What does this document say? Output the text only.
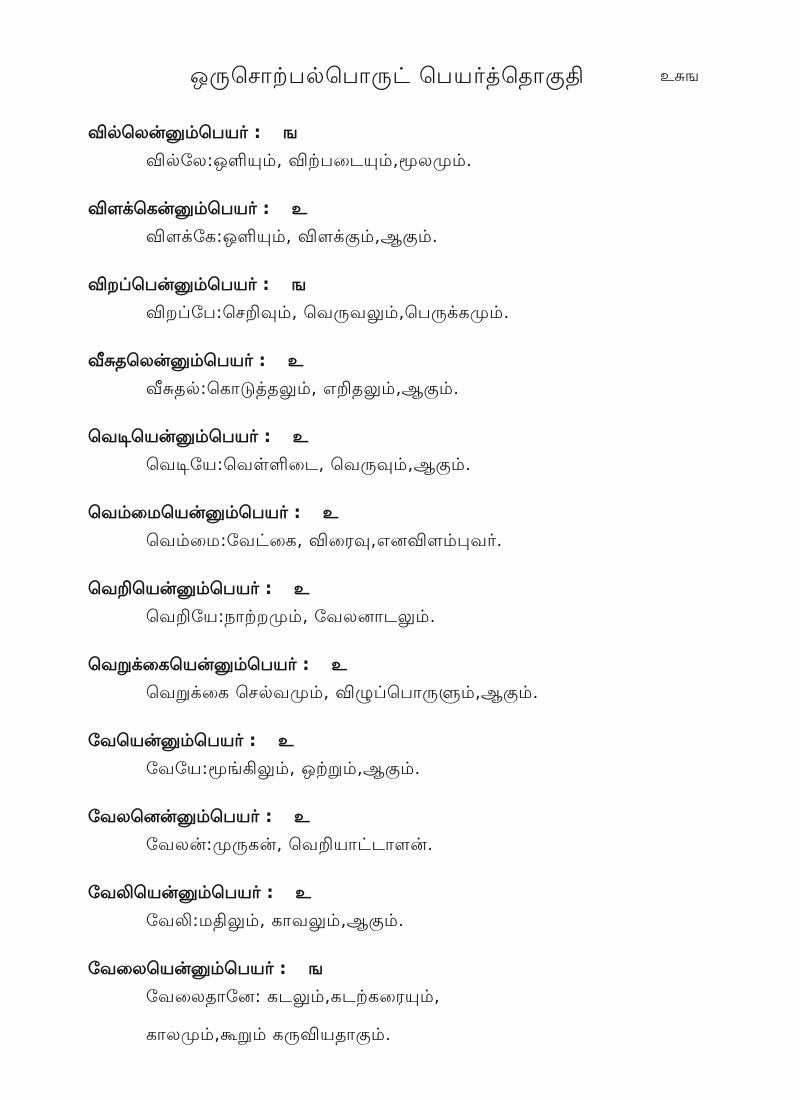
ஒருசொற்பல்பொருட் பெயர்த்தொகுதி	உசுங
வில்லென்னும்பெயர் : ங
வில்லே:ஒளியும், விற்படையும்,மூலமும்.
விளக்கென்னும்பெயர் : உ
விளக்கே:ஒளியும், விளக்கும்,ஆகும்.
விறப்பென்னும்பெயர் : ங
விறப்பே:செறிவும், வெருவலும்,பெருக்கமும்.
வீசுதலென்னும்பெயர் : உ
வீசுதல்:கொடுத்தலும், எறிதலும்,ஆகும்.
வெடியென்னும்பெயர் : உ
வெடியே:வெள்ளிடை, வெருவும்,ஆகும்.
வெம்மையென்னும்பெயர் : உ
வெம்மை:வேட்கை, விரைவு,எனவிளம்புவர்.
வெறியென்னும்பெயர் : உ
வெறியே:நாற்றமும், வேலனாடலும்.
வெறுக்கையென்னும்பெயர் : உ
வெறுக்கை செல்வமும், விழுப்பொருளும்,ஆகும்.
வேயென்னும்பெயர் : உ
வேயே:மூங்கிலும், ஒற்றும்,ஆகும்.
வேலனென்னும்பெயர் : உ
வேலன்:முருகன், வெறியாட்டாளன்.
வேலியென்னும்பெயர் : உ
வேலி:மதிலும், காவலும்,ஆகும்.
வேலையென்னும்பெயர் : ங
வேலைதானே: கடலும்,கடற்கரையும்,
காலமும்,கூறும் கருவியதாகும்.
